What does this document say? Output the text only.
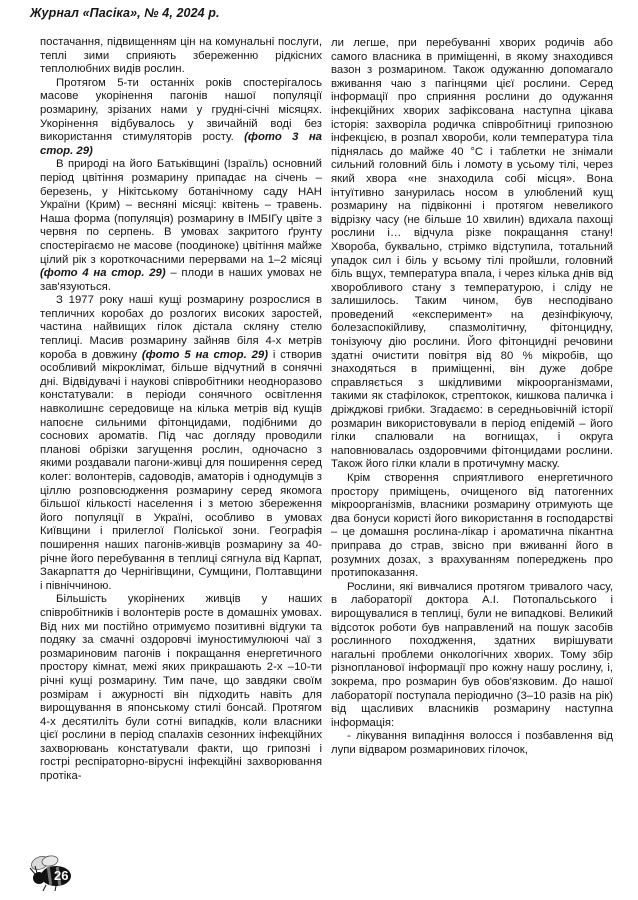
Журнал «Пасіка», № 4, 2024 р.

постачання, підвищенням цін на комунальні послуги, теплі зими сприяють збереженню рідкісних теплолюбних видів рослин.

Протягом 5-ти останніх років спостерігалось масове укорінення пагонів нашої популяції розмарину, зрізаних нами у грудні-січні місяцях. Укорінення відбувалось у звичайній воді без використання стимуляторів росту. (фото 3 на стор. 29)

В природі на його Батьківщині (Ізраїль) основний період цвітіння розмарину припадає на січень – березень, у Нікітському ботанічному саду НАН України (Крим) – весняні місяці: квітень – травень. Наша форма (популяція) розмарину в ІМБІГу цвіте з червня по серпень. В умовах закритого ґрунту спостерігаємо не масове (поодиноке) цвітіння майже цілий рік з короткочасними перервами на 1–2 місяці (фото 4 на стор. 29) – плоди в наших умовах не зав'язуються.

З 1977 року наші кущі розмарину розрослися в тепличних коробах до розлогих високих заростей, частина найвищих гілок дістала скляну стелю теплиці. Масив розмарину зайняв біля 4-х метрів короба в довжину (фото 5 на стор. 29) і створив особливий мікроклімат, більше відчутний в сонячні дні. Відвідувачі і наукові співробітники неодноразово констатували: в періоди сонячного освітлення навколишнє середовище на кілька метрів від кущів напоєне сильними фітонцидами, подібними до соснових ароматів. Під час догляду проводили планові обрізки загущення рослин, одночасно з якими роздавали пагони-живці для поширення серед колег: волонтерів, садоводів, аматорів і однодумців з ціллю розповсюдження розмарину серед якомога більшої кількості населення і з метою збереження його популяції в Україні, особливо в умовах Київщини і прилеглої Поліської зони. Географія поширення наших пагонів-живців розмарину за 40-річне його перебування в теплиці сягнула від Карпат, Закарпаття до Чернігівщини, Сумщини, Полтавщини і північчиною.

Більшість укорінених живців у наших співробітників і волонтерів росте в домашніх умовах. Від них ми постійно отримуємо позитивні відгуки та подяку за смачні оздоровчі імуностимулюючі чаї з розмариновим пагонів і покращання енергетичного простору кімнат, межі яких прикрашають 2-х –10-ти річні кущі розмарину. Тим паче, що завдяки своїм розмірам і ажурності він підходить навіть для вирощування в японському стилі бонсай. Протягом 4-х десятиліть були сотні випадків, коли власники цієї рослини в період спалахів сезонних інфекційних захворювань констатували факти, що грипозні і гострі респіраторно-вірусні інфекційні захворювання протіка-

ли легше, при перебуванні хворих родичів або самого власника в приміщенні, в якому знаходився вазон з розмарином. Також одужанню допомагало вживання чаю з пагінцями цієї рослини. Серед інформації про сприяння рослини до одужання інфекційних хворих зафіксована наступна цікава історія: захворіла родичка співробітниці грипозною інфекцією, в розпал хвороби, коли температура тіла піднялась до майже 40 °С і таблетки не знімали сильний головний біль і ломоту в усьому тілі, через який хвора «не знаходила собі місця». Вона інтуїтивно занурилась носом в улюблений кущ розмарину на підвіконні і протягом невеликого відрізку часу (не більше 10 хвилин) вдихала пахощі рослини і… відчула різке покращання стану! Хвороба, буквально, стрімко відступила, тотальний упадок сил і біль у всьому тілі пройшли, головний біль вщух, температура впала, і через кілька днів від хворобливого стану з температурою, і сліду не залишилось. Таким чином, був несподівано проведений «експеримент» на дезінфікуючу, болезаспокійливу, спазмолітичну, фітонцидну, тонізуючу дію рослини. Його фітонцидні речовини здатні очистити повітря від 80 % мікробів, що знаходяться в приміщенні, він дуже добре справляється з шкідливими мікроорганізмами, такими як стафілокок, стрептокок, кишкова паличка і дріжджові грибки. Згадаємо: в середньовічній історії розмарин використовували в період епідемій – його гілки спалювали на вогнищах, і округа наповнювалась оздоровчими фітонцидами рослини. Також його гілки клали в протичумну маску.

Крім створення сприятливого енергетичного простору приміщень, очищеного від патогенних мікроорганізмів, власники розмарину отримують ще два бонуси користі його використання в господарстві – це домашня рослина-лікар і ароматична пікантна приправа до страв, звісно при вживанні його в розумних дозах, з врахуванням попереджень про протипоказання.

Рослини, які вивчалися протягом тривалого часу, в лабораторії доктора А.І. Потопальського і вирощувалися в теплиці, були не випадкові. Великий відсоток роботи був направлений на пошук засобів рослинного походження, здатних вирішувати нагальні проблеми онкологічних хворих. Тому збір різнопланової інформації про кожну нашу рослину, і, зокрема, про розмарин був обов'язковим. До нашої лабораторії поступала періодично (3–10 разів на рік) від щасливих власників розмарину наступна інформація:

- лікування випадіння волосся і позбавлення від лупи відваром розмаринових гілочок,

26
